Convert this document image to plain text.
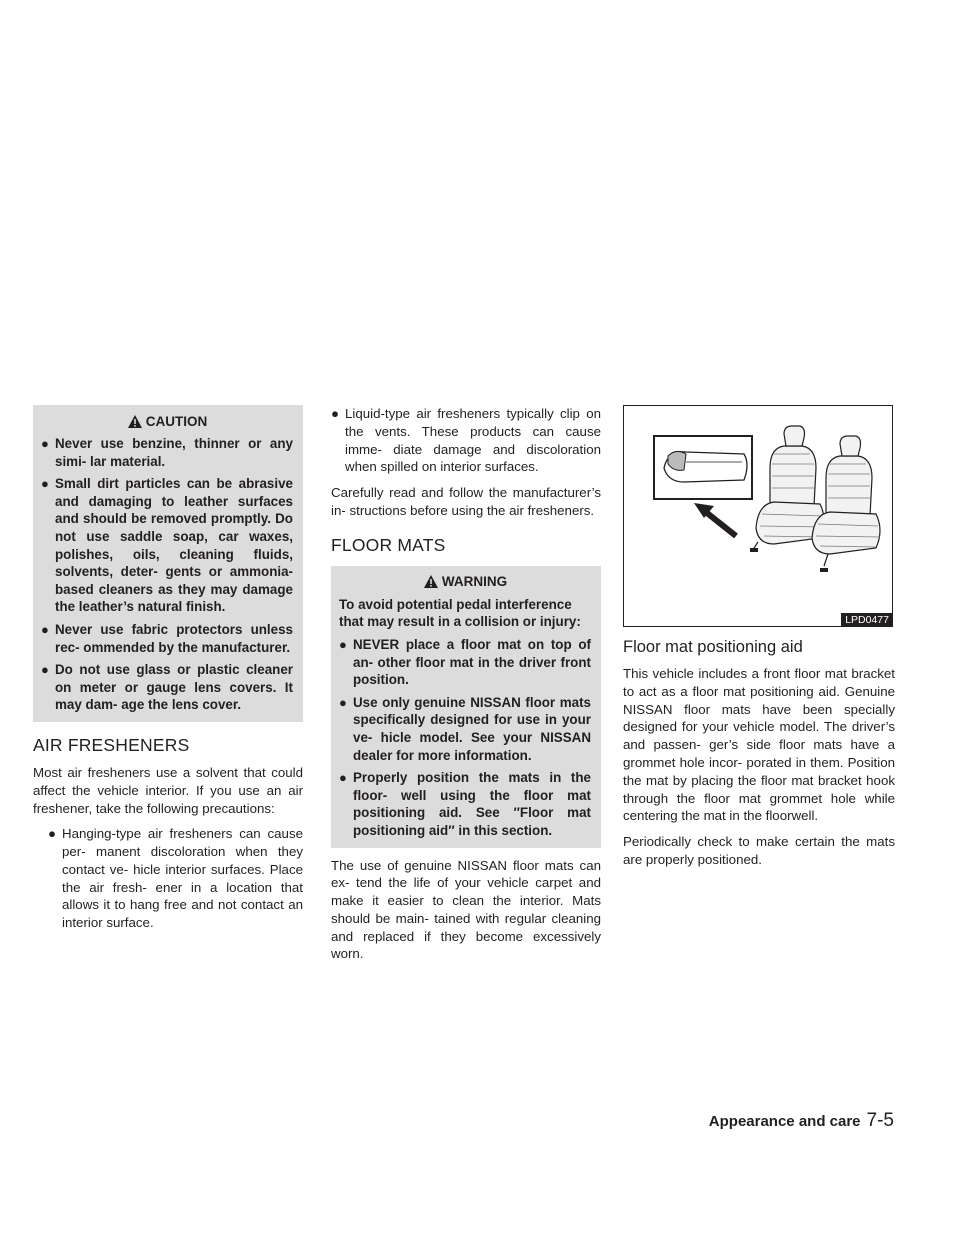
CAUTION
● Never use benzine, thinner or any simi- lar material.
● Small dirt particles can be abrasive and damaging to leather surfaces and should be removed promptly. Do not use saddle soap, car waxes, polishes, oils, cleaning fluids, solvents, deter- gents or ammonia-based cleaners as they may damage the leather’s natural finish.
● Never use fabric protectors unless rec- ommended by the manufacturer.
● Do not use glass or plastic cleaner on meter or gauge lens covers. It may dam- age the lens cover.
AIR FRESHENERS

Most air fresheners use a solvent that could affect the vehicle interior. If you use an air freshener, take the following precautions:

● Hanging-type air fresheners can cause per- manent discoloration when they contact ve- hicle interior surfaces. Place the air fresh- ener in a location that allows it to hang free and not contact an interior surface.
● Liquid-type air fresheners typically clip on the vents. These products can cause imme- diate damage and discoloration when spilled on interior surfaces.

Carefully read and follow the manufacturer’s in- structions before using the air fresheners.

FLOOR MATS
WARNING

To avoid potential pedal interference that may result in a collision or injury:

● NEVER place a floor mat on top of an- other floor mat in the driver front position.
● Use only genuine NISSAN floor mats specifically designed for use in your ve- hicle model. See your NISSAN dealer for more information.
● Properly position the mats in the floor- well using the floor mat positioning aid. See ″Floor mat positioning aid″ in this section.

The use of genuine NISSAN floor mats can ex- tend the life of your vehicle carpet and make it easier to clean the interior. Mats should be main- tained with regular cleaning and replaced if they become excessively worn.

LPD0477
Floor mat positioning aid

This vehicle includes a front floor mat bracket to act as a floor mat positioning aid. Genuine NISSAN floor mats have been specially designed for your vehicle model. The driver’s and passen- ger’s side floor mats have a grommet hole incor- porated in them. Position the mat by placing the floor mat bracket hook through the floor mat grommet hole while centering the mat in the floorwell.

Periodically check to make certain the mats are properly positioned.

Appearance and care 7-5
